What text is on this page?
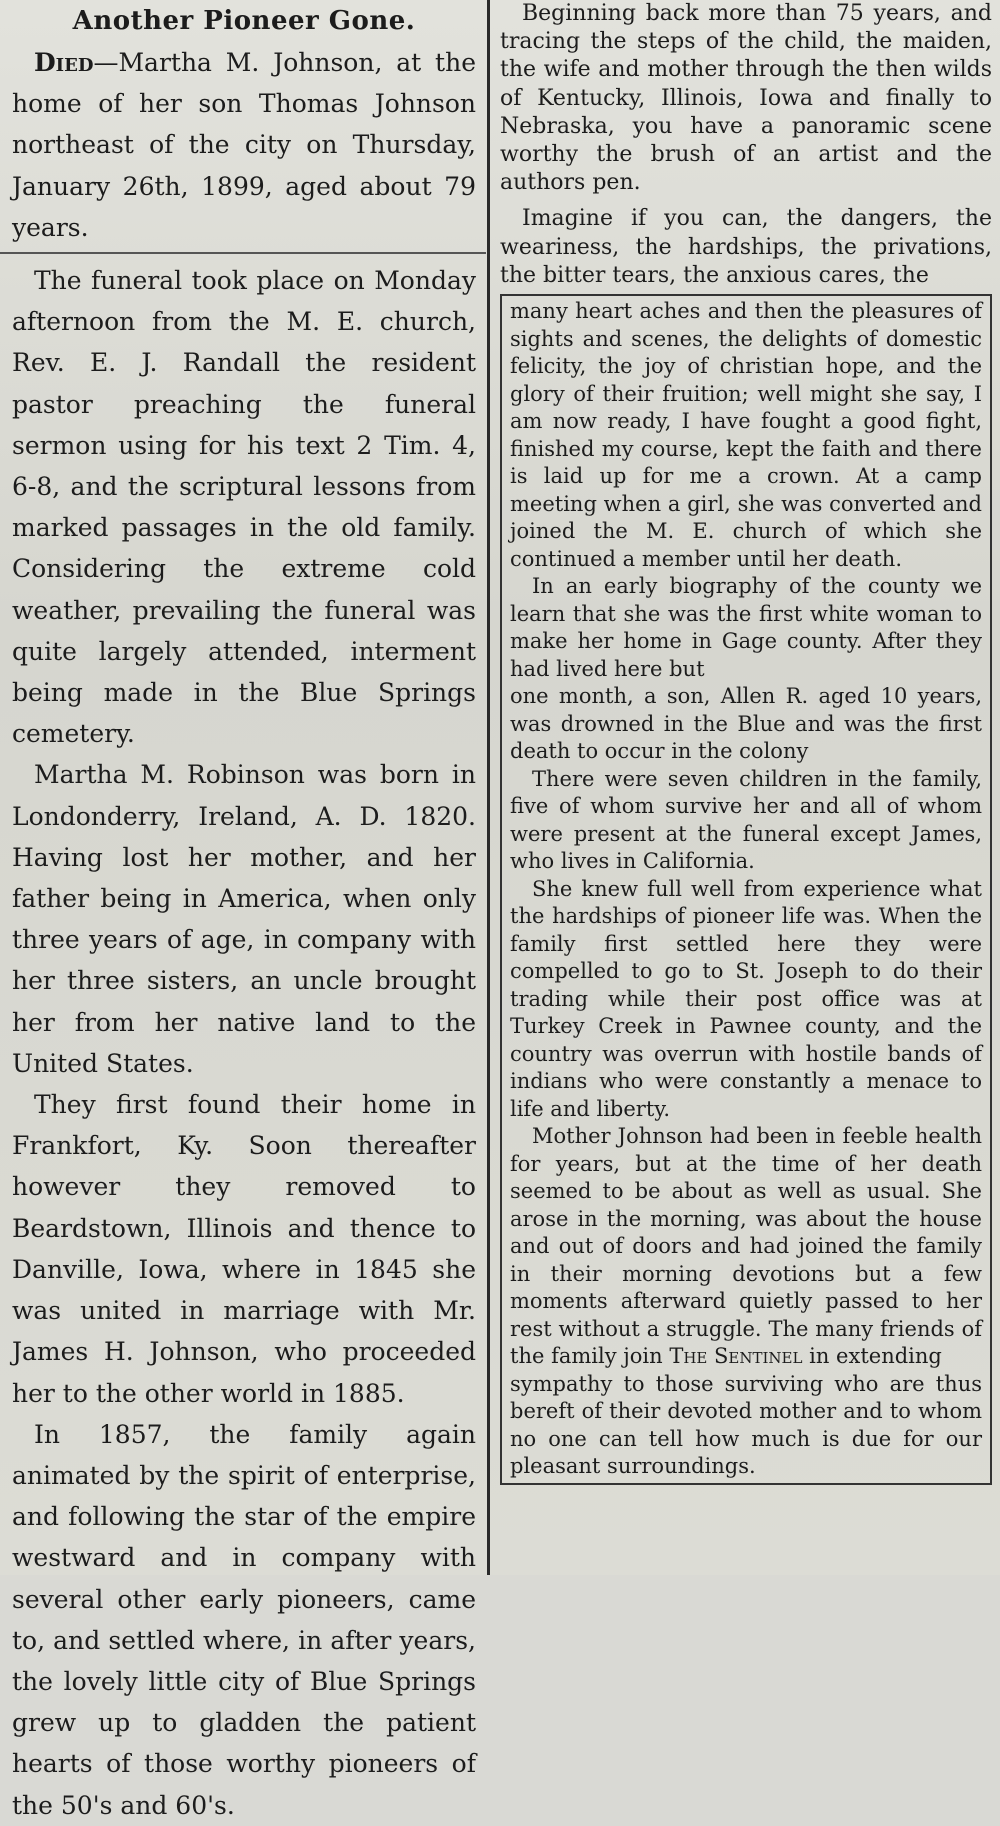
Another Pioneer Gone.

Died—Martha M. Johnson, at the home of her son Thomas Johnson northeast of the city on Thursday, January 26th, 1899, aged about 79 years.

The funeral took place on Monday afternoon from the M. E. church, Rev. E. J. Randall the resident pastor preaching the funeral sermon using for his text 2 Tim. 4, 6-8, and the scriptural lessons from marked passages in the old family. Considering the extreme cold weather, prevailing the funeral was quite largely attended, interment being made in the Blue Springs cemetery.

Martha M. Robinson was born in Londonderry, Ireland, A. D. 1820. Having lost her mother, and her father being in America, when only three years of age, in company with her three sisters, an uncle brought her from her native land to the United States.

They first found their home in Frankfort, Ky. Soon thereafter however they removed to Beardstown, Illinois and thence to Danville, Iowa, where in 1845 she was united in marriage with Mr. James H. Johnson, who proceeded her to the other world in 1885.

In 1857, the family again animated by the spirit of enterprise, and following the star of the empire westward and in company with several other early pioneers, came to, and settled where, in after years, the lovely little city of Blue Springs grew up to gladden the patient hearts of those worthy pioneers of the 50's and 60's.

Beginning back more than 75 years, and tracing the steps of the child, the maiden, the wife and mother through the then wilds of Kentucky, Illinois, Iowa and finally to Nebraska, you have a panoramic scene worthy the brush of an artist and the authors pen.

Imagine if you can, the dangers, the weariness, the hardships, the privations, the bitter tears, the anxious cares, the

many heart aches and then the pleasures of sights and scenes, the delights of domestic felicity, the joy of christian hope, and the glory of their fruition; well might she say, I am now ready, I have fought a good fight, finished my course, kept the faith and there is laid up for me a crown. At a camp meeting when a girl, she was converted and joined the M. E. church of which she continued a member until her death.

In an early biography of the county we learn that she was the first white woman to make her home in Gage county. After they had lived here but

one month, a son, Allen R. aged 10 years, was drowned in the Blue and was the first death to occur in the colony

There were seven children in the family, five of whom survive her and all of whom were present at the funeral except James, who lives in California.

She knew full well from experience what the hardships of pioneer life was. When the family first settled here they were compelled to go to St. Joseph to do their trading while their post office was at Turkey Creek in Pawnee county, and the country was overrun with hostile bands of indians who were constantly a menace to life and liberty.

Mother Johnson had been in feeble health for years, but at the time of her death seemed to be about as well as usual. She arose in the morning, was about the house and out of doors and had joined the family in their morning devotions but a few moments afterward quietly passed to her rest without a struggle. The many friends of the family join The Sentinel in extending

sympathy to those surviving who are thus bereft of their devoted mother and to whom no one can tell how much is due for our pleasant surroundings.
